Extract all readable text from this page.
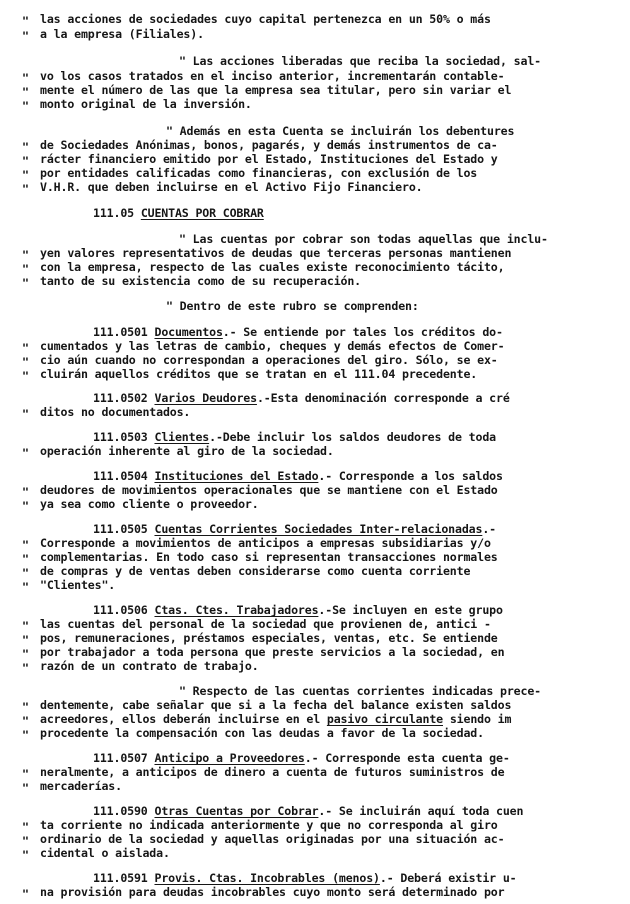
" las acciones de sociedades cuyo capital pertenezca en un 50% o más
" a la empresa (Filiales).
" Las acciones liberadas que reciba la sociedad, sal-
" vo los casos tratados en el inciso anterior, incrementarán contable-
" mente el número de las que la empresa sea titular, pero sin variar el
" monto original de la inversión.
" Además en esta Cuenta se incluirán los debentures
" de Sociedades Anónimas, bonos, pagarés, y demás instrumentos de ca-
" rácter financiero emitido por el Estado, Instituciones del Estado y
" por entidades calificadas como financieras, con exclusión de los
" V.H.R. que deben incluirse en el Activo Fijo Financiero.
111.05 CUENTAS POR COBRAR
" Las cuentas por cobrar son todas aquellas que inclu-
" yen valores representativos de deudas que terceras personas mantienen
" con la empresa, respecto de las cuales existe reconocimiento tácito,
" tanto de su existencia como de su recuperación.
" Dentro de este rubro se comprenden:
111.0501 Documentos.- Se entiende por tales los créditos do-
" cumentados y las letras de cambio, cheques y demás efectos de Comer-
" cio aún cuando no correspondan a operaciones del giro. Sólo, se ex-
" cluirán aquellos créditos que se tratan en el 111.04 precedente.
111.0502 Varios Deudores.-Esta denominación corresponde a cré
" ditos no documentados.
111.0503 Clientes.-Debe incluir los saldos deudores de toda
" operación inherente al giro de la sociedad.
111.0504 Instituciones del Estado.- Corresponde a los saldos
" deudores de movimientos operacionales que se mantiene con el Estado
" ya sea como cliente o proveedor.
111.0505 Cuentas Corrientes Sociedades Inter-relacionadas.-
" Corresponde a movimientos de anticipos a empresas subsidiarias y/o
" complementarias. En todo caso si representan transacciones normales
" de compras y de ventas deben considerarse como cuenta corriente
" "Clientes".
111.0506 Ctas. Ctes. Trabajadores.-Se incluyen en este grupo
" las cuentas del personal de la sociedad que provienen de, antici -
" pos, remuneraciones, préstamos especiales, ventas, etc. Se entiende
" por trabajador a toda persona que preste servicios a la sociedad, en
" razón de un contrato de trabajo.
" Respecto de las cuentas corrientes indicadas prece-
" dentemente, cabe señalar que si a la fecha del balance existen saldos
" acreedores, ellos deberán incluirse en el pasivo circulante siendo im
" procedente la compensación con las deudas a favor de la sociedad.
111.0507 Anticipo a Proveedores.- Corresponde esta cuenta ge-
" neralmente, a anticipos de dinero a cuenta de futuros suministros de
" mercaderías.
111.0590 Otras Cuentas por Cobrar.- Se incluirán aquí toda cuen
" ta corriente no indicada anteriormente y que no corresponda al giro
" ordinario de la sociedad y aquellas originadas por una situación ac-
" cidental o aislada.
111.0591 Provis. Ctas. Incobrables (menos).- Deberá existir u-
" na provisión para deudas incobrables cuyo monto será determinado por
